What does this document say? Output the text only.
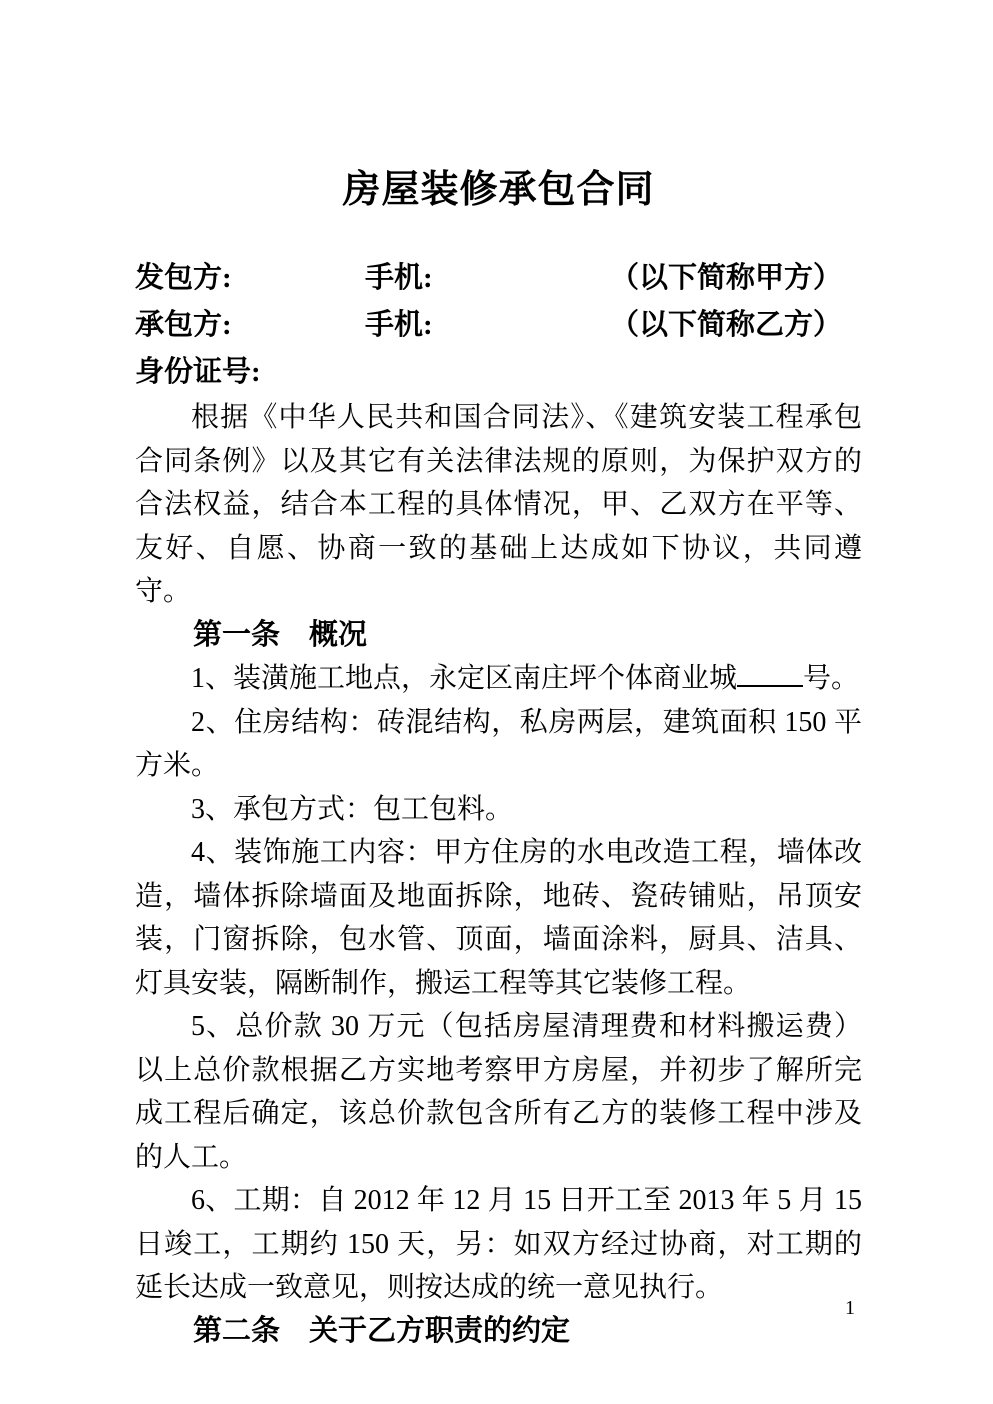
房屋装修承包合同
发包方:	手机:	（以下简称甲方）
承包方:	手机:	（以下简称乙方）
身份证号:

根据《中华人民共和国合同法》、《建筑安装工程承包合同条例》以及其它有关法律法规的原则，为保护双方的合法权益，结合本工程的具体情况，甲、乙双方在平等、友好、自愿、协商一致的基础上达成如下协议，共同遵守。

第一条　概况

1、装潢施工地点，永定区南庄坪个体商业城 号。

2、住房结构：砖混结构，私房两层，建筑面积 150 平方米。

3、承包方式：包工包料。

4、装饰施工内容：甲方住房的水电改造工程，墙体改造，墙体拆除墙面及地面拆除，地砖、瓷砖铺贴，吊顶安装，门窗拆除，包水管、顶面，墙面涂料，厨具、洁具、灯具安装，隔断制作，搬运工程等其它装修工程。

5、总价款 30 万元（包括房屋清理费和材料搬运费）以上总价款根据乙方实地考察甲方房屋，并初步了解所完成工程后确定，该总价款包含所有乙方的装修工程中涉及的人工。

6、工期：自 2012 年 12 月 15 日开工至 2013 年 5 月 15 日竣工，工期约 150 天，另：如双方经过协商，对工期的延长达成一致意见，则按达成的统一意见执行。

第二条　关于乙方职责的约定
1
